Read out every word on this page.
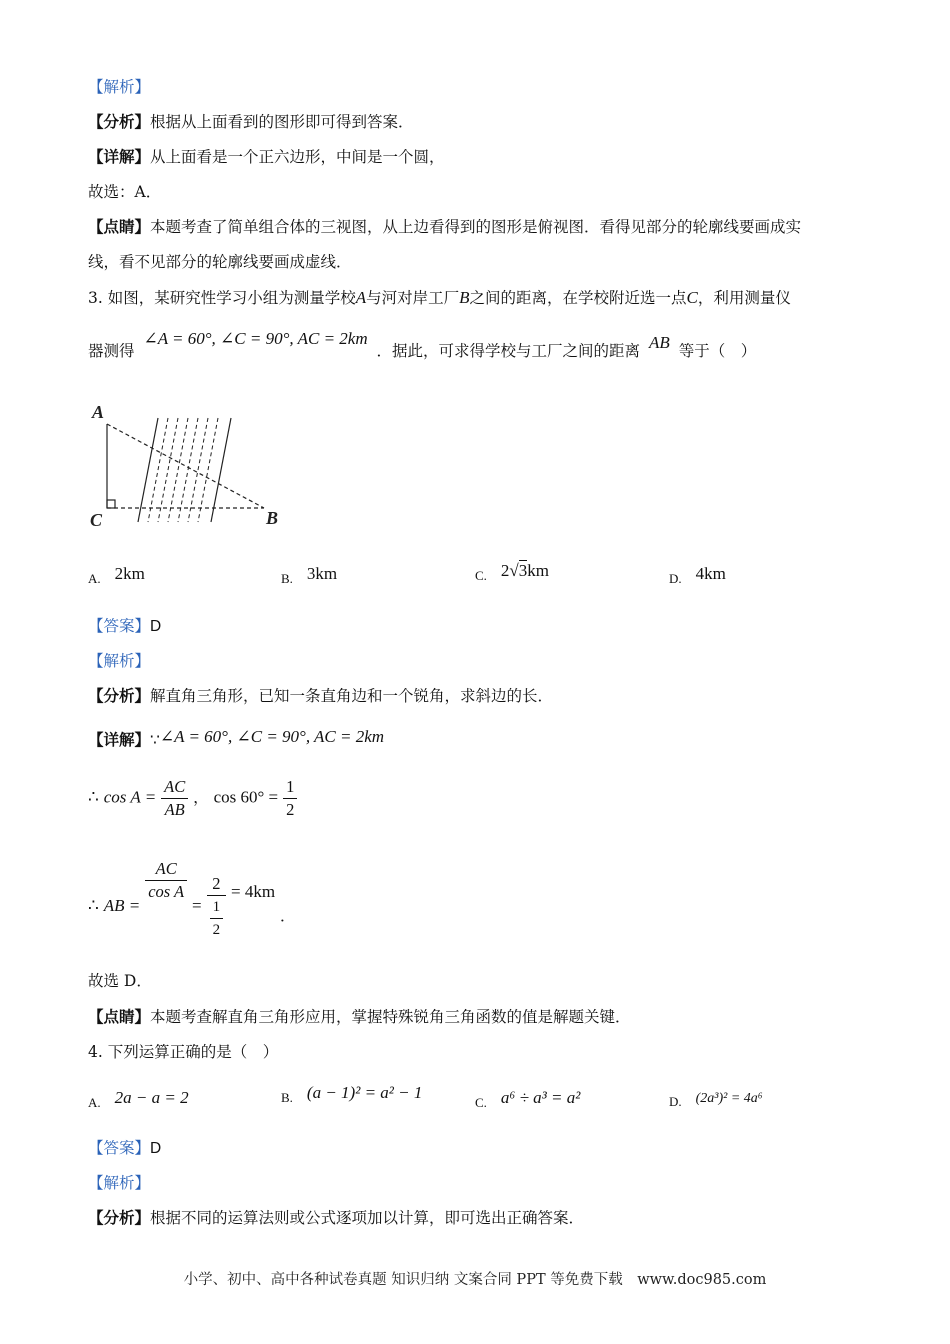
【解析】
【分析】根据从上面看到的图形即可得到答案．
【详解】从上面看是一个正六边形，中间是一个圆，
故选：A．
【点睛】本题考查了简单组合体的三视图，从上边看得到的图形是俯视图．看得见部分的轮廓线要画成实
线，看不见部分的轮廓线要画成虚线．
3. 如图，某研究性学习小组为测量学校A与河对岸工厂B之间的距离，在学校附近选一点C，利用测量仪
器测得 ∠A = 60°, ∠C = 90°, AC = 2km ．据此，可求得学校与工厂之间的距离 AB 等于（　）
A
C	B
$_{A.}$ 2km	$_{B.}$ 3km	$_{C.}$ 2√3km	$_{D.}$ 4km
【答案】D
【解析】
【分析】解直角三角形，已知一条直角边和一个锐角，求斜边的长．
【详解】∵∠A = 60°, ∠C = 90°, AC = 2km
∴ $\cos A = \frac{AC}{AB}$ ， $\cos 60^\circ = \frac{1}{2}$
∴ AB =
$\frac{AC}{\text{cos A}}$
= $\frac{2}{\frac{1}{2}} = 4km$ ．
故选 D．
【点睛】本题考查解直角三角形应用，掌握特殊锐角三角函数的值是解题关键．
4. 下列运算正确的是（　）
$_{A.}$ 2a − a = 2	$_{B.}$ (a − 1)² = a² − 1
$_{C.}$ a⁶ ÷ a³ = a²	$_{D.}$ (2a³)² = 4a⁶
【答案】D
【解析】
【分析】根据不同的运算法则或公式逐项加以计算，即可选出正确答案．
小学、初中、高中各种试卷真题 知识归纳 文案合同 PPT 等免费下载　www.doc985.com
